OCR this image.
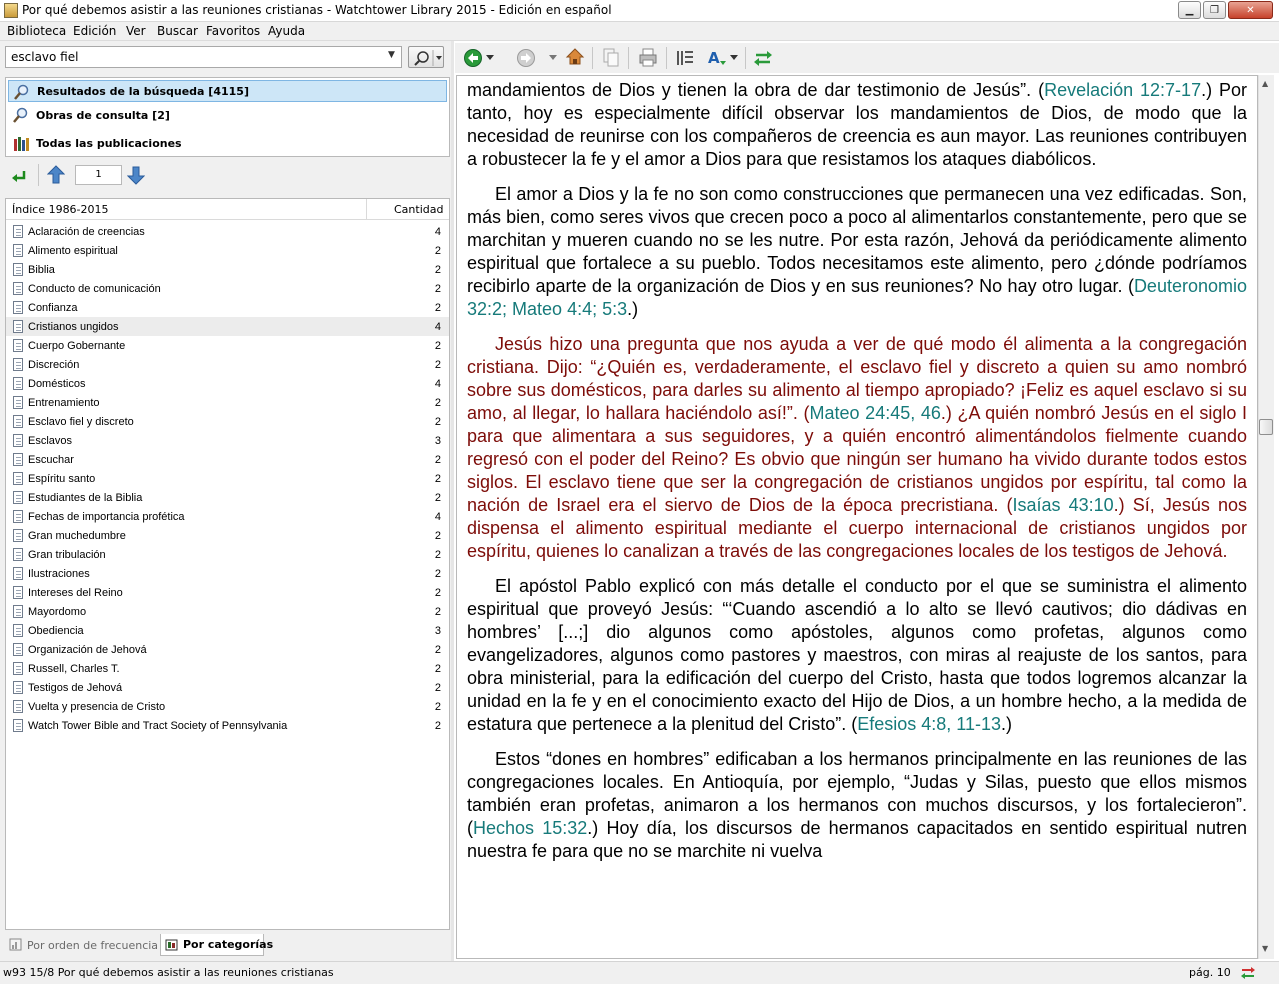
Por qué debemos asistir a las reuniones cristianas - Watchtower Library 2015 - Edición en español	▁ ❐	✕
Biblioteca Edición Ver Buscar Favoritos Ayuda
esclavo fiel
▼
Resultados de la búsqueda [4115]
Obras de consulta [2]
Todas las publicaciones
1
Índice 1986-2015	Cantidad
Aclaración de creencias	4
Alimento espiritual	2
Biblia	2
Conducto de comunicación	2
Confianza	2
Cristianos ungidos	4
Cuerpo Gobernante	2
Discreción	2
Domésticos	4
Entrenamiento	2
Esclavo fiel y discreto	2
Esclavos	3
Escuchar	2
Espíritu santo	2
Estudiantes de la Biblia	2
Fechas de importancia profética	4
Gran muchedumbre	2
Gran tribulación	2
Ilustraciones	2
Intereses del Reino	2
Mayordomo	2
Obediencia	3
Organización de Jehová	2
Russell, Charles T.	2
Testigos de Jehová	2
Vuelta y presencia de Cristo	2
Watch Tower Bible and Tract Society of Pennsylvania	2
Por orden de frecuencia Por categorías
A

mandamientos de Dios y tienen la obra de dar testimonio de Jesús”. (Revelación 12:7-17.) Por tanto, hoy es especialmente difícil observar los mandamientos de Dios, de modo que la necesidad de reunirse con los compañeros de creencia es aun mayor. Las reuniones contribuyen a robustecer la fe y el amor a Dios para que resistamos los ataques diabólicos.

El amor a Dios y la fe no son como construcciones que permanecen una vez edificadas. Son, más bien, como seres vivos que crecen poco a poco al alimentarlos constantemente, pero que se marchitan y mueren cuando no se les nutre. Por esta razón, Jehová da periódicamente alimento espiritual que fortalece a su pueblo. Todos necesitamos este alimento, pero ¿dónde podríamos recibirlo aparte de la organización de Dios y en sus reuniones? No hay otro lugar. (Deuteronomio 32:2; Mateo 4:4; 5:3.)

Jesús hizo una pregunta que nos ayuda a ver de qué modo él alimenta a la congregación cristiana. Dijo: “¿Quién es, verdaderamente, el esclavo fiel y discreto a quien su amo nombró sobre sus domésticos, para darles su alimento al tiempo apropiado? ¡Feliz es aquel esclavo si su amo, al llegar, lo hallara haciéndolo así!”. (Mateo 24:45, 46.) ¿A quién nombró Jesús en el siglo I para que alimentara a sus seguidores, y a quién encontró alimentándolos fielmente cuando regresó con el poder del Reino? Es obvio que ningún ser humano ha vivido durante todos estos siglos. El esclavo tiene que ser la congregación de cristianos ungidos por espíritu, tal como la nación de Israel era el siervo de Dios de la época precristiana. (Isaías 43:10.) Sí, Jesús nos dispensa el alimento espiritual mediante el cuerpo internacional de cristianos ungidos por espíritu, quienes lo canalizan a través de las congregaciones locales de los testigos de Jehová.

El apóstol Pablo explicó con más detalle el conducto por el que se suministra el alimento espiritual que proveyó Jesús: “‘Cuando ascendió a lo alto se llevó cautivos; dio dádivas en hombres’ [...;] dio algunos como apóstoles, algunos como profetas, algunos como evangelizadores, algunos como pastores y maestros, con miras al reajuste de los santos, para obra ministerial, para la edificación del cuerpo del Cristo, hasta que todos logremos alcanzar la unidad en la fe y en el conocimiento exacto del Hijo de Dios, a un hombre hecho, a la medida de estatura que pertenece a la plenitud del Cristo”. (Efesios 4:8, 11-13.)

Estos “dones en hombres” edificaban a los hermanos principalmente en las reuniones de las congregaciones locales. En Antioquía, por ejemplo, “Judas y Silas, puesto que ellos mismos también eran profetas, animaron a los hermanos con muchos discursos, y los fortalecieron”. (Hechos 15:32.) Hoy día, los discursos de hermanos capacitados en sentido espiritual nutren nuestra fe para que no se marchite ni vuelva

▲
▼
w93 15/8 Por qué debemos asistir a las reuniones cristianas	pág. 10
